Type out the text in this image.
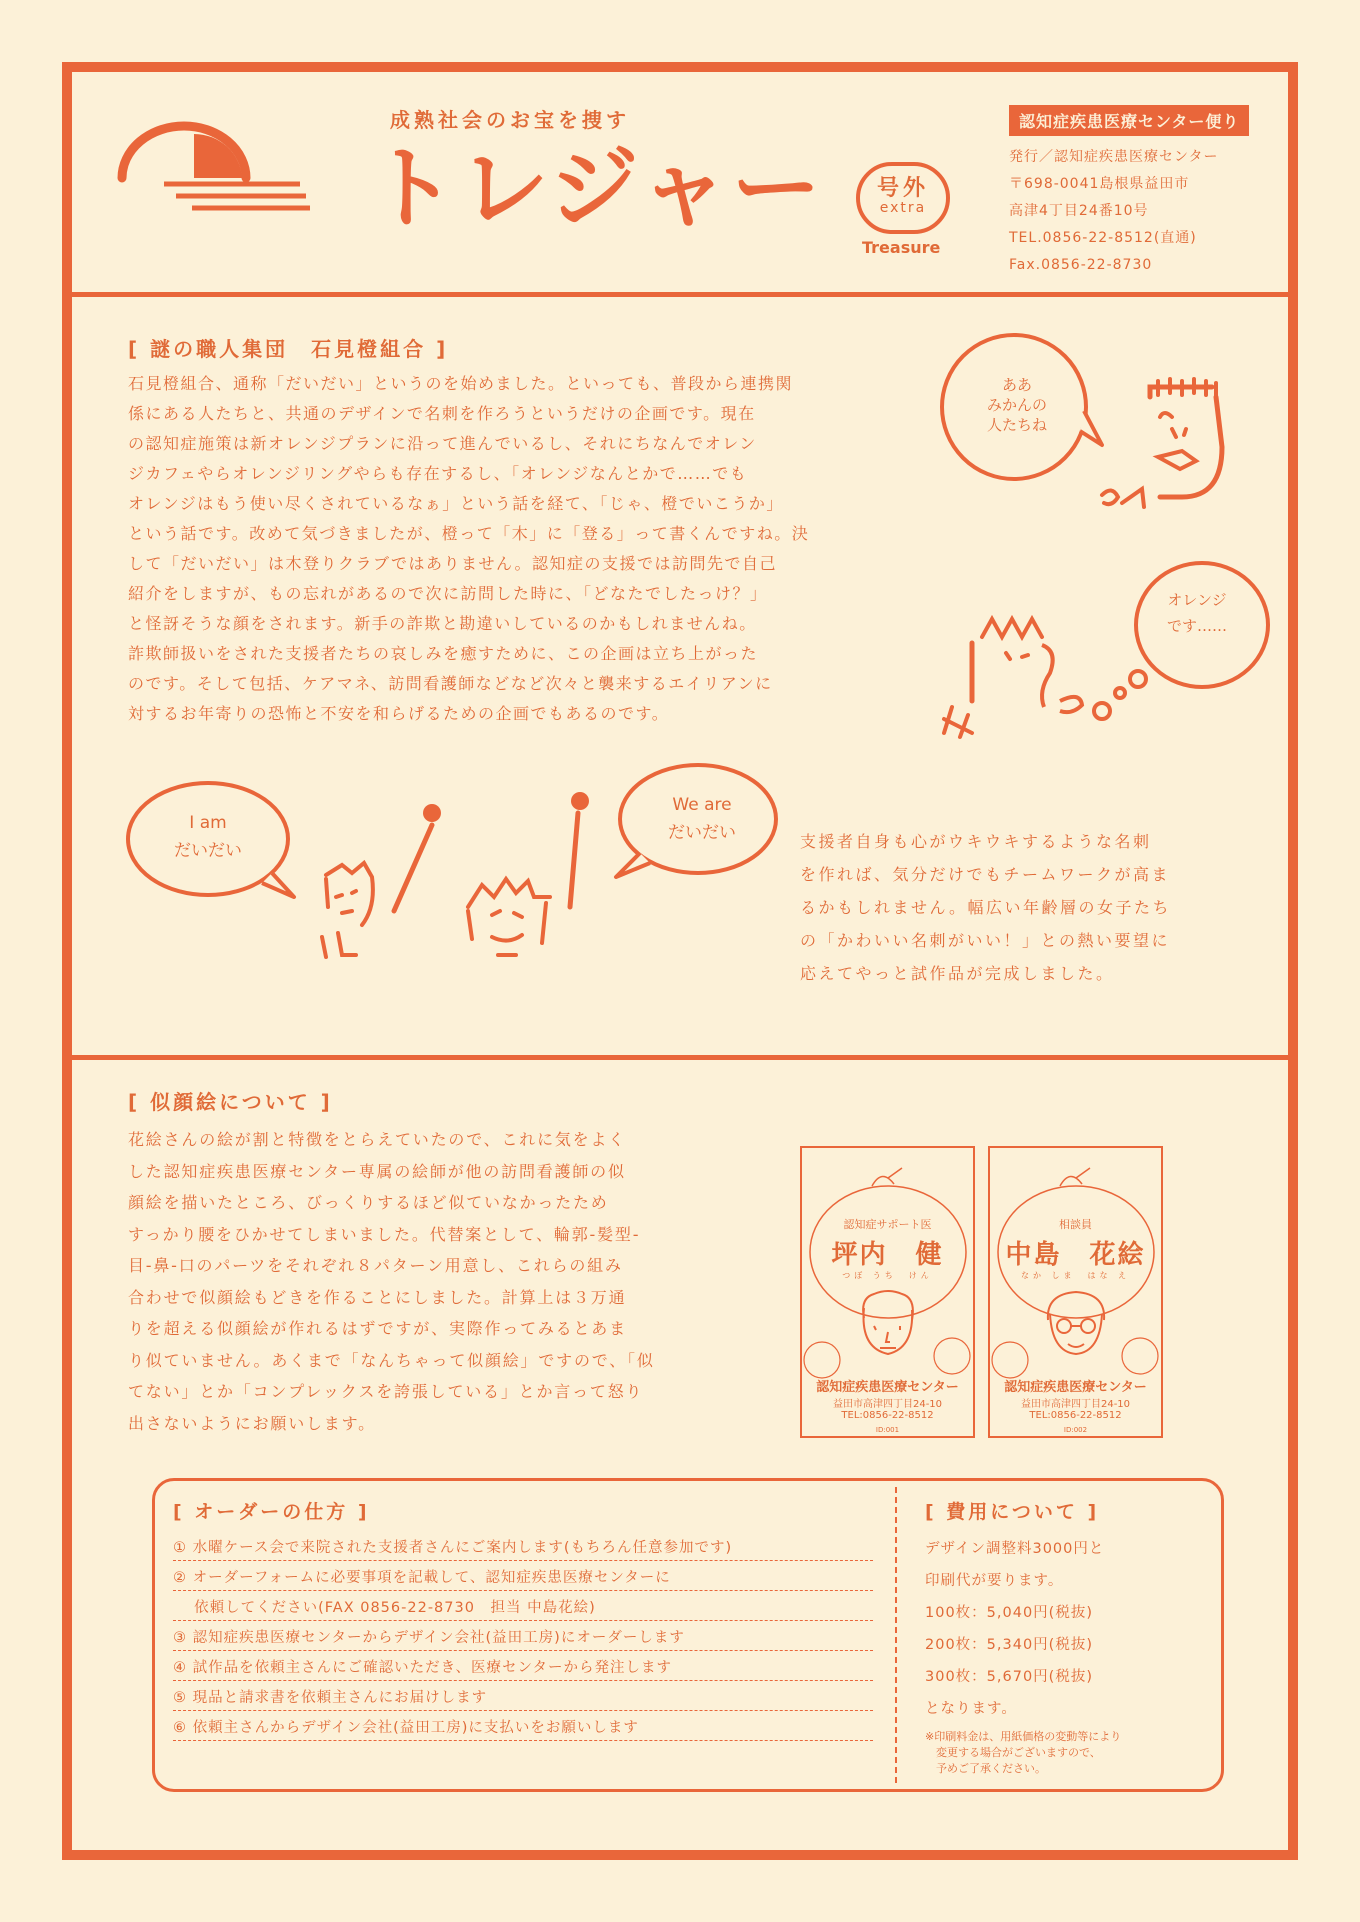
成熟社会のお宝を捜す
トレジャー	号外
extra
Treasure
認知症疾患医療センター便り
発行／認知症疾患医療センター
〒698-0041島根県益田市
高津4丁目24番10号
TEL.0856-22-8512(直通)
Fax.0856-22-8730
[ 謎の職人集団　石見橙組合 ]
石見橙組合、通称「だいだい」というのを始めました。といっても、普段から連携関
係にある人たちと、共通のデザインで名刺を作ろうというだけの企画です。現在
の認知症施策は新オレンジプランに沿って進んでいるし、それにちなんでオレン
ジカフェやらオレンジリングやらも存在するし、「オレンジなんとかで……でも
オレンジはもう使い尽くされているなぁ」という話を経て、「じゃ、橙でいこうか」
という話です。改めて気づきましたが、橙って「木」に「登る」って書くんですね。決
して「だいだい」は木登りクラブではありません。認知症の支援では訪問先で自己
紹介をしますが、もの忘れがあるので次に訪問した時に、「どなたでしたっけ？」
と怪訝そうな顔をされます。新手の詐欺と勘違いしているのかもしれませんね。
詐欺師扱いをされた支援者たちの哀しみを癒すために、この企画は立ち上がった
のです。そして包括、ケアマネ、訪問看護師などなど次々と襲来するエイリアンに
対するお年寄りの恐怖と不安を和らげるための企画でもあるのです。
ああ
みかんの
人たちね
オレンジ
です……
I am
だいだい
We are
だいだい	支援者自身も心がウキウキするような名刺
を作れば、気分だけでもチームワークが高ま
るかもしれません。幅広い年齢層の女子たち
の「かわいい名刺がいい！」との熱い要望に
応えてやっと試作品が完成しました。
[ 似顔絵について ]
花絵さんの絵が割と特徴をとらえていたので、これに気をよく
した認知症疾患医療センター専属の絵師が他の訪問看護師の似
顔絵を描いたところ、びっくりするほど似ていなかったため
すっかり腰をひかせてしまいました。代替案として、輪郭-髪型-
目-鼻-口のパーツをそれぞれ８パターン用意し、これらの組み
合わせで似顔絵もどきを作ることにしました。計算上は３万通
りを超える似顔絵が作れるはずですが、実際作ってみるとあま
り似ていません。あくまで「なんちゃって似顔絵」ですので、「似
てない」とか「コンプレックスを誇張している」とか言って怒り
出さないようにお願いします。
認知症サポート医
坪内　健
つぼ うち　けん
認知症疾患医療センター
益田市高津四丁目24-10
TEL:0856-22-8512
ID:001
相談員
中島　花絵
なか しま　はな え
認知症疾患医療センター
益田市高津四丁目24-10
TEL:0856-22-8512
ID:002
[ オーダーの仕方 ]
① 水曜ケース会で来院された支援者さんにご案内します(もちろん任意参加です)
② オーダーフォームに必要事項を記載して、認知症疾患医療センターに
　 依頼してください(FAX 0856-22-8730　担当 中島花絵)
③ 認知症疾患医療センターからデザイン会社(益田工房)にオーダーします
④ 試作品を依頼主さんにご確認いただき、医療センターから発注します
⑤ 現品と請求書を依頼主さんにお届けします
⑥ 依頼主さんからデザイン会社(益田工房)に支払いをお願いします
[ 費用について ]
デザイン調整料3000円と
印刷代が要ります。
100枚：5,040円(税抜)
200枚：5,340円(税抜)
300枚：5,670円(税抜)
となります。
※印刷料金は、用紙価格の変動等により
　変更する場合がございますので、
　予めご了承ください。
